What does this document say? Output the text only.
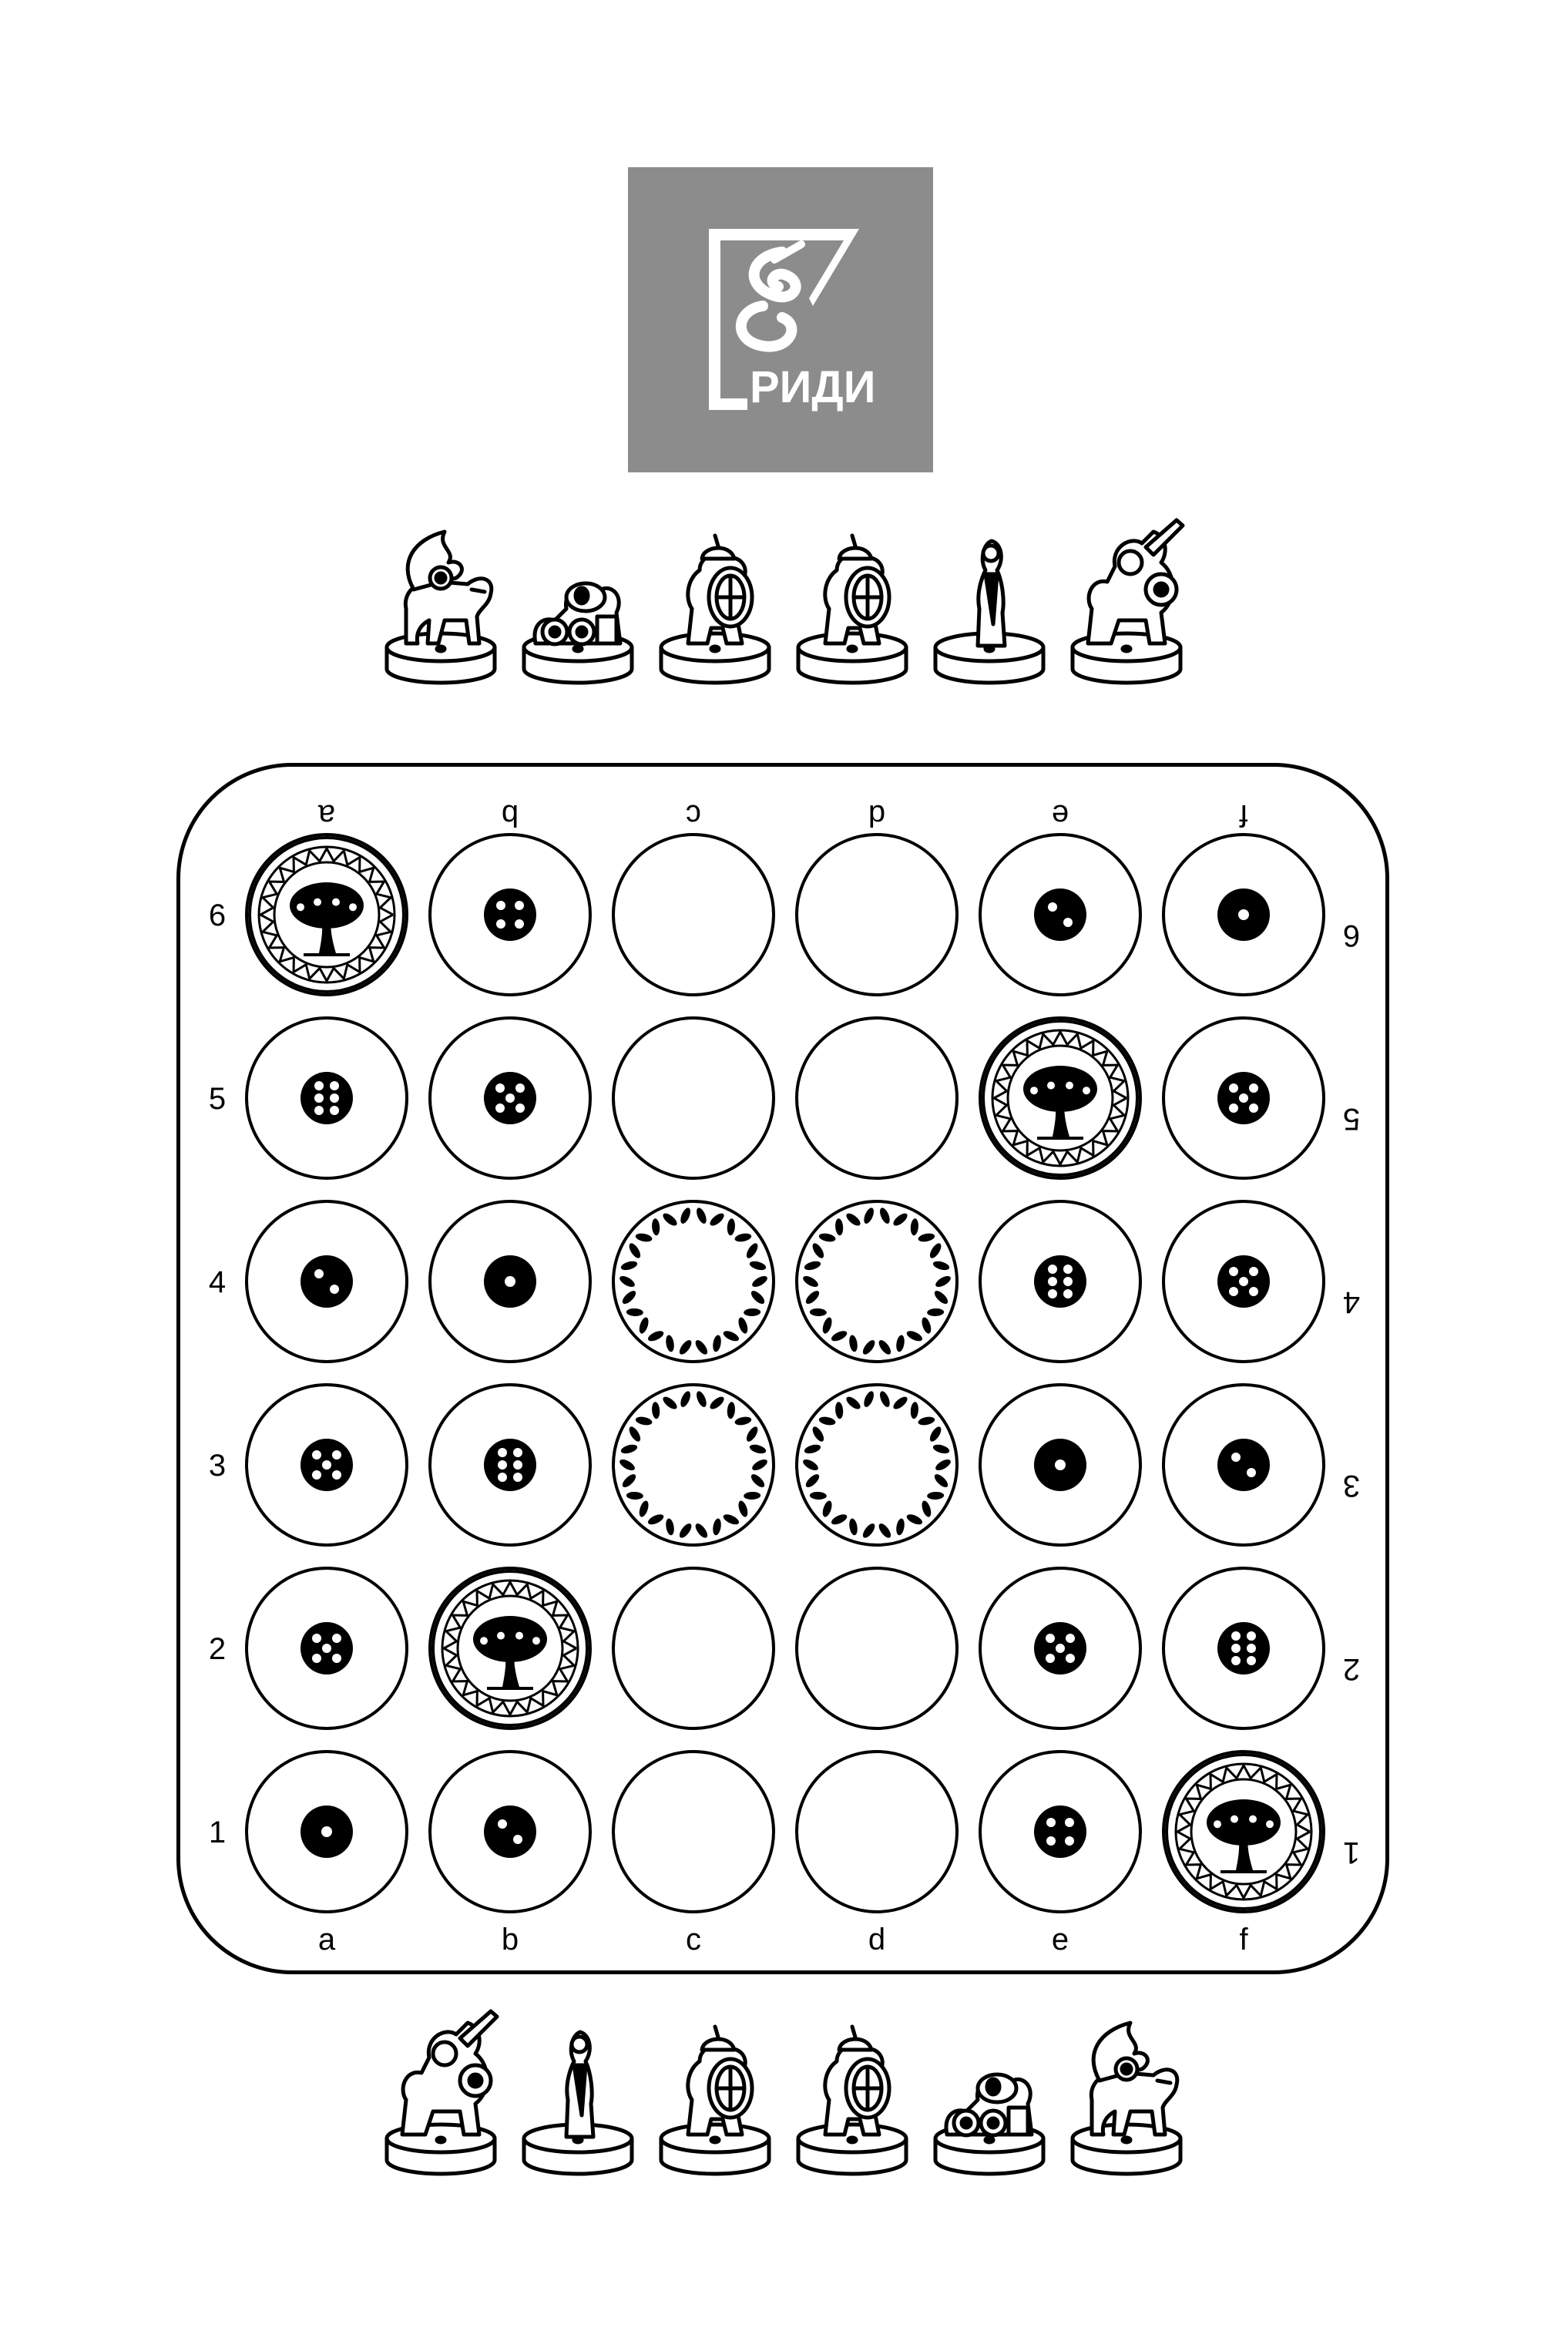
РИДИ
a
a
b
b
c
c
d
d
e
e
f
f
6
6
5
5
4
4
3
3
2
2
1
1
